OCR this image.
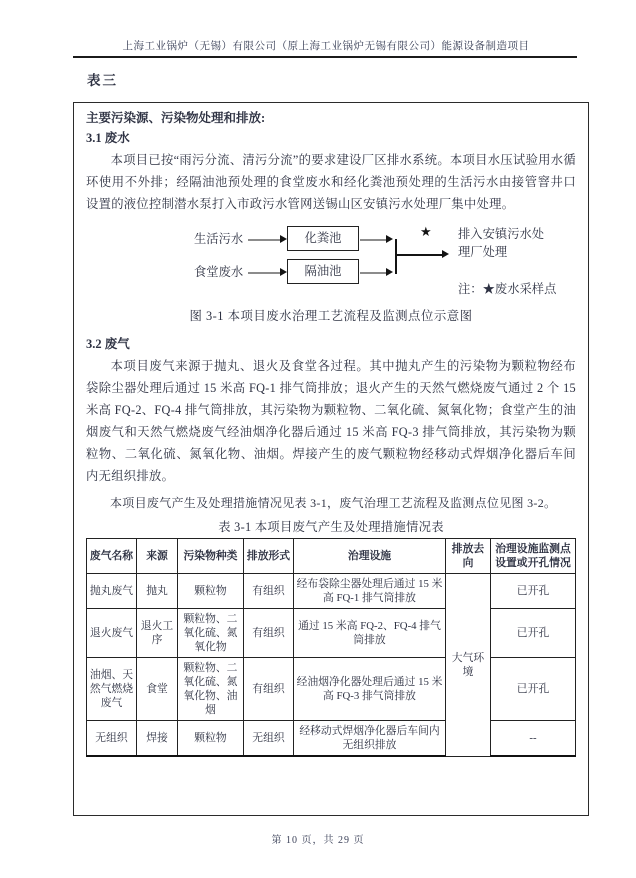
上海工业锅炉（无锡）有限公司（原上海工业锅炉无锡有限公司）能源设备制造项目
表三
主要污染源、污染物处理和排放:
3.1 废水

本项目已按“雨污分流、清污分流”的要求建设厂区排水系统。本项目水压试验用水循环使用不外排；经隔油池预处理的食堂废水和经化粪池预处理的生活污水由接管窨井口设置的液位控制潜水泵打入市政污水管网送锡山区安镇污水处理厂集中处理。

生活污水
食堂废水
化粪池
隔油池
★ 排入安镇污水处理厂处理
注：★废水采样点
图 3-1 本项目废水治理工艺流程及监测点位示意图
3.2 废气

本项目废气来源于抛丸、退火及食堂各过程。其中抛丸产生的污染物为颗粒物经布袋除尘器处理后通过 15 米高 FQ-1 排气筒排放；退火产生的天然气燃烧废气通过 2 个 15 米高 FQ-2、FQ-4 排气筒排放，其污染物为颗粒物、二氧化硫、氮氧化物；食堂产生的油烟废气和天然气燃烧废气经油烟净化器后通过 15 米高 FQ-3 排气筒排放，其污染物为颗粒物、二氧化硫、氮氧化物、油烟。焊接产生的废气颗粒物经移动式焊烟净化器后车间内无组织排放。

本项目废气产生及处理措施情况见表 3-1，废气治理工艺流程及监测点位见图 3-2。

表 3-1 本项目废气产生及处理措施情况表
废气名称	来源	污染物种类	排放形式	治理设施	排放去向	治理设施监测点设置或开孔情况
抛丸废气	抛丸	颗粒物	有组织	经布袋除尘器处理后通过 15 米高 FQ-1 排气筒排放	大气环境	已开孔
退火废气	退火工序	颗粒物、二氧化硫、氮氧化物	有组织	通过 15 米高 FQ-2、FQ-4 排气筒排放		已开孔
油烟、天然气燃烧废气	食堂	颗粒物、二氧化硫、氮氧化物、油烟	有组织	经油烟净化器处理后通过 15 米高 FQ-3 排气筒排放		已开孔
无组织	焊接	颗粒物	无组织	经移动式焊烟净化器后车间内无组织排放		--
第 10 页，共 29 页
